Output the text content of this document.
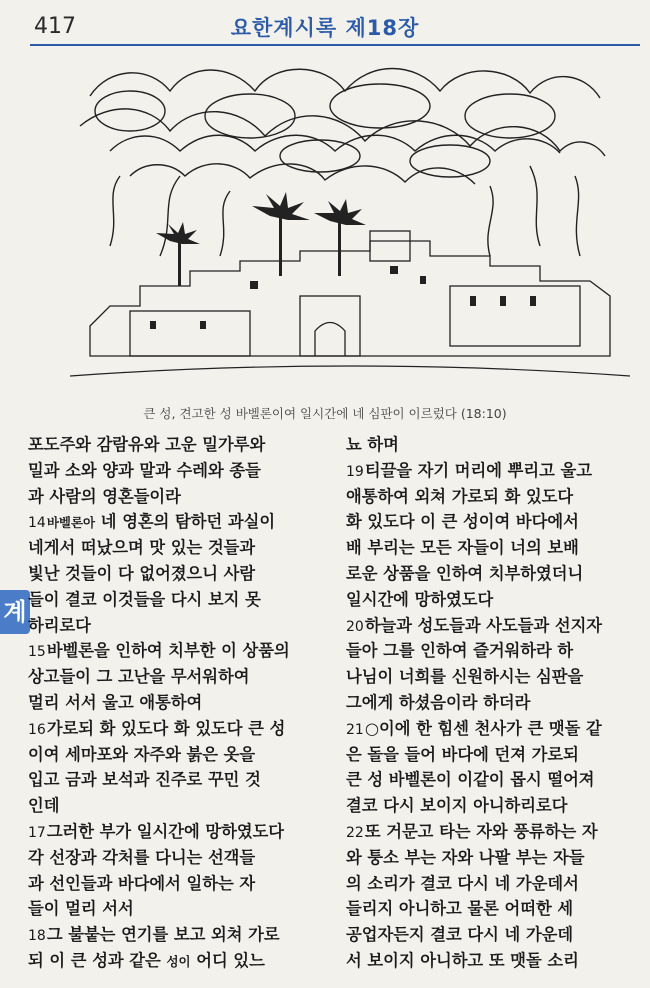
417	요한계시록 제18장
큰 성, 견고한 성 바벨론이여 일시간에 네 심판이 이르렀다 (18:10)
계
포도주와 감람유와 고운 밀가루와
밀과 소와 양과 말과 수레와 종들
과 사람의 영혼들이라
14바벨론아 네 영혼의 탐하던 과실이
네게서 떠났으며 맛 있는 것들과
빛난 것들이 다 없어졌으니 사람
들이 결코 이것들을 다시 보지 못
하리로다
15바벨론을 인하여 치부한 이 상품의
상고들이 그 고난을 무서워하여
멀리 서서 울고 애통하여
16가로되 화 있도다 화 있도다 큰 성
이여 세마포와 자주와 붉은 옷을
입고 금과 보석과 진주로 꾸민 것
인데
17그러한 부가 일시간에 망하였도다
각 선장과 각처를 다니는 선객들
과 선인들과 바다에서 일하는 자
들이 멀리 서서
18그 불붙는 연기를 보고 외쳐 가로
되 이 큰 성과 같은 성이 어디 있느
뇨 하며
19티끌을 자기 머리에 뿌리고 울고
애통하여 외쳐 가로되 화 있도다
화 있도다 이 큰 성이여 바다에서
배 부리는 모든 자들이 너의 보배
로운 상품을 인하여 치부하였더니
일시간에 망하였도다
20하늘과 성도들과 사도들과 선지자
들아 그를 인하여 즐거워하라 하
나님이 너희를 신원하시는 심판을
그에게 하셨음이라 하더라
21○이에 한 힘센 천사가 큰 맷돌 같
은 돌을 들어 바다에 던져 가로되
큰 성 바벨론이 이같이 몹시 떨어져
결코 다시 보이지 아니하리로다
22또 거문고 타는 자와 풍류하는 자
와 퉁소 부는 자와 나팔 부는 자들
의 소리가 결코 다시 네 가운데서
들리지 아니하고 물론 어떠한 세
공업자든지 결코 다시 네 가운데
서 보이지 아니하고 또 맷돌 소리
